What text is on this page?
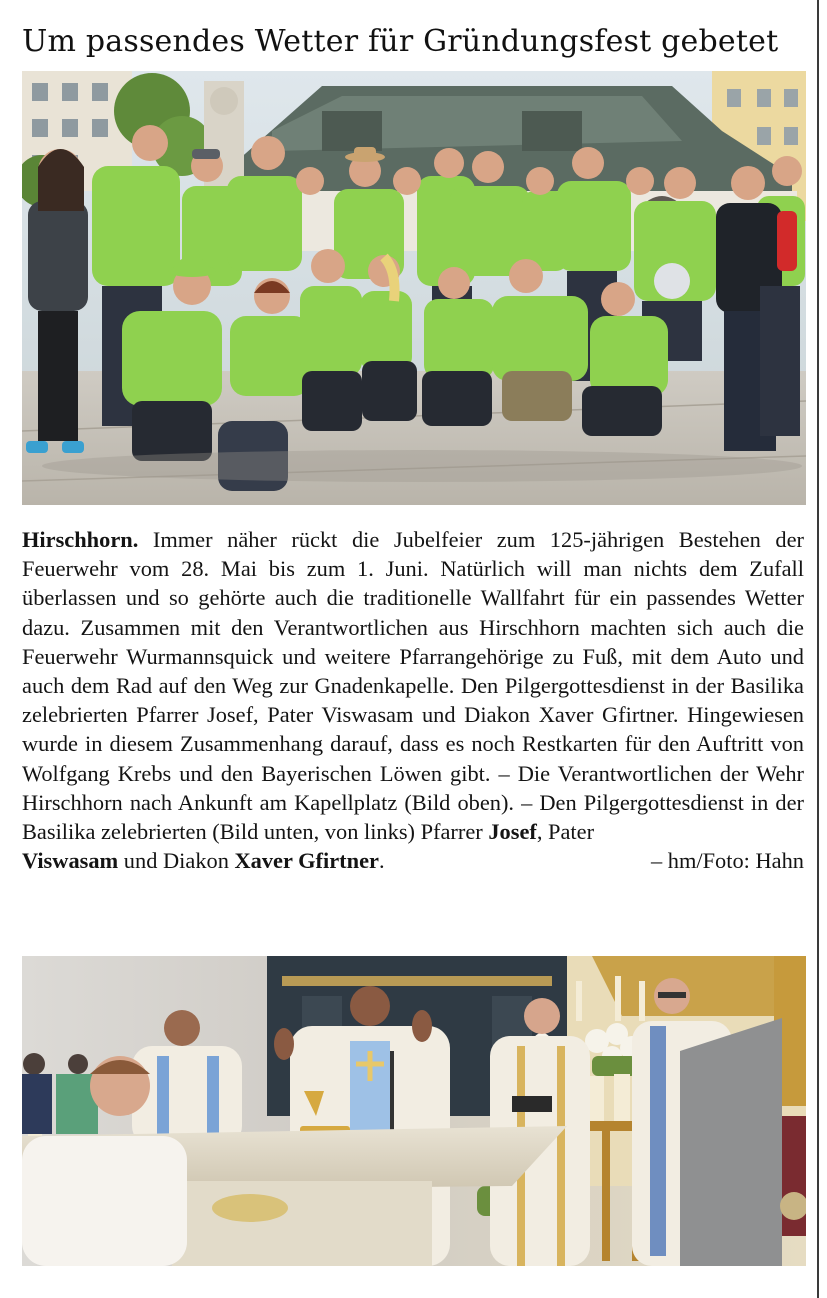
Um passendes Wetter für Gründungsfest gebetet

Hirschhorn. Immer näher rückt die Jubelfeier zum 125-jährigen Bestehen der Feuerwehr vom 28. Mai bis zum 1. Juni. Natürlich will man nichts dem Zufall überlassen und so gehörte auch die traditionelle Wallfahrt für ein passendes Wetter dazu. Zusammen mit den Verantwortlichen aus Hirschhorn machten sich auch die Feuerwehr Wurmannsquick und weitere Pfarrangehörige zu Fuß, mit dem Auto und auch dem Rad auf den Weg zur Gnadenkapelle. Den Pilgergottesdienst in der Basilika zelebrierten Pfarrer Josef, Pater Viswasam und Diakon Xaver Gfirtner. Hingewiesen wurde in diesem Zusammenhang darauf, dass es noch Restkarten für den Auftritt von Wolfgang Krebs und den Bayerischen Löwen gibt. – Die Verantwortlichen der Wehr Hirschhorn nach Ankunft am Kapellplatz (Bild oben). – Den Pilgergottesdienst in der Basilika zelebrierten (Bild unten, von links) Pfarrer Josef, Pater

Viswasam und Diakon Xaver Gfirtner.	– hm/Foto: Hahn
